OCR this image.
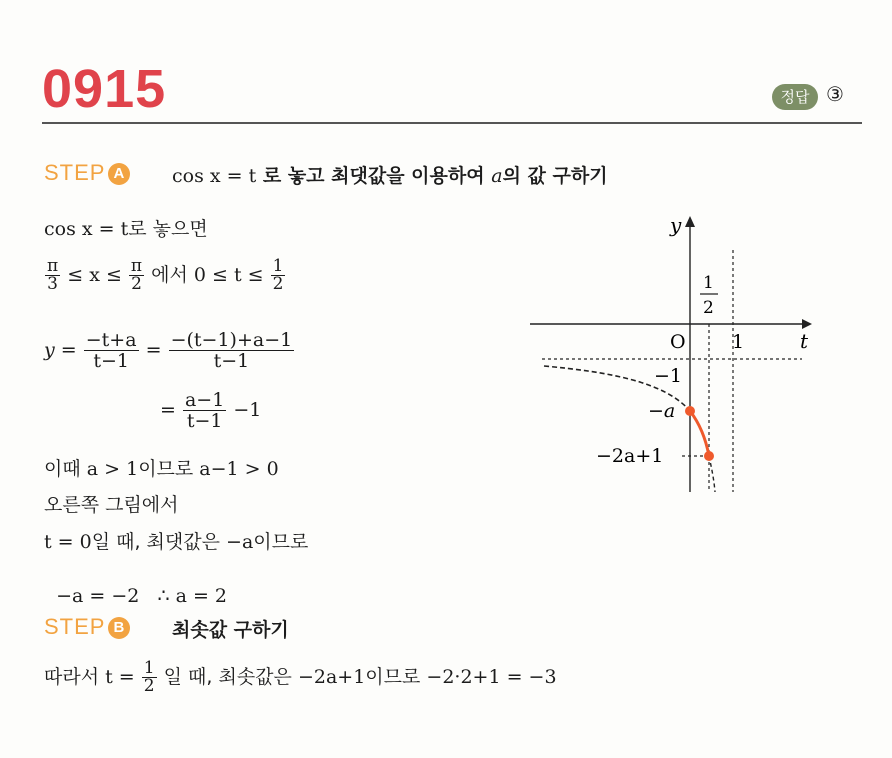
0915	정답 ③
STEP A cos x = t 로 놓고 최댓값을 이용하여 a의 값 구하기
cos x = t로 놓으면
$\frac{\pi}{3} \le x \le \frac{\pi}{2}$ 에서 $0 \le t \le \frac{1}{2}$
$y = \frac{-t+a}{t-1} = \frac{-(t-1)+a-1}{t-1}$
= $\frac{a-1}{t-1} -1$
이때 a > 1이므로 a−1 > 0
오른쪽 그림에서
t = 0일 때, 최댓값은 −a이므로

−a = −2   ∴ a = 2

STEP B 최솟값 구하기
따라서 $t = \frac{1}{2}$ 일 때, 최솟값은 −2a+1이므로 −2·2+1 = −3
y
t
O 1
1
2
−1
−a
−2a+1
